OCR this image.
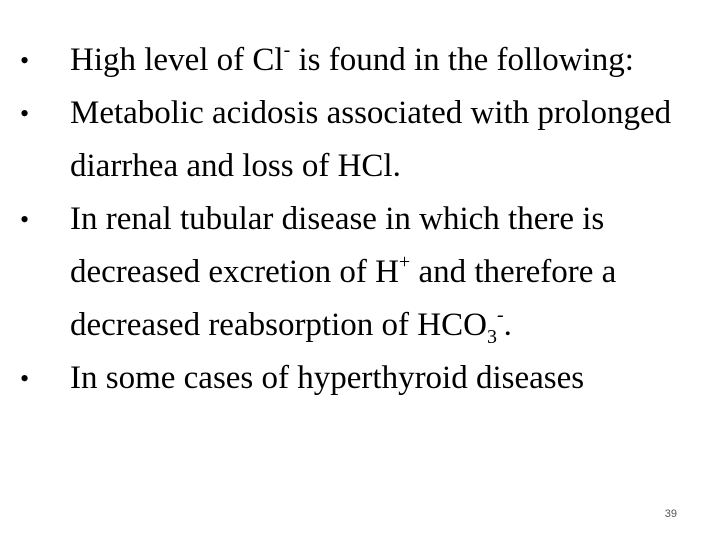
•	High level of Cl- is found in the following:
•	Metabolic acidosis associated with prolonged diarrhea and loss of HCl.
•	In renal tubular disease in which there is decreased excretion of H+ and therefore a decreased reabsorption of $HCO_3^-$.
•	In some cases of hyperthyroid diseases
39
